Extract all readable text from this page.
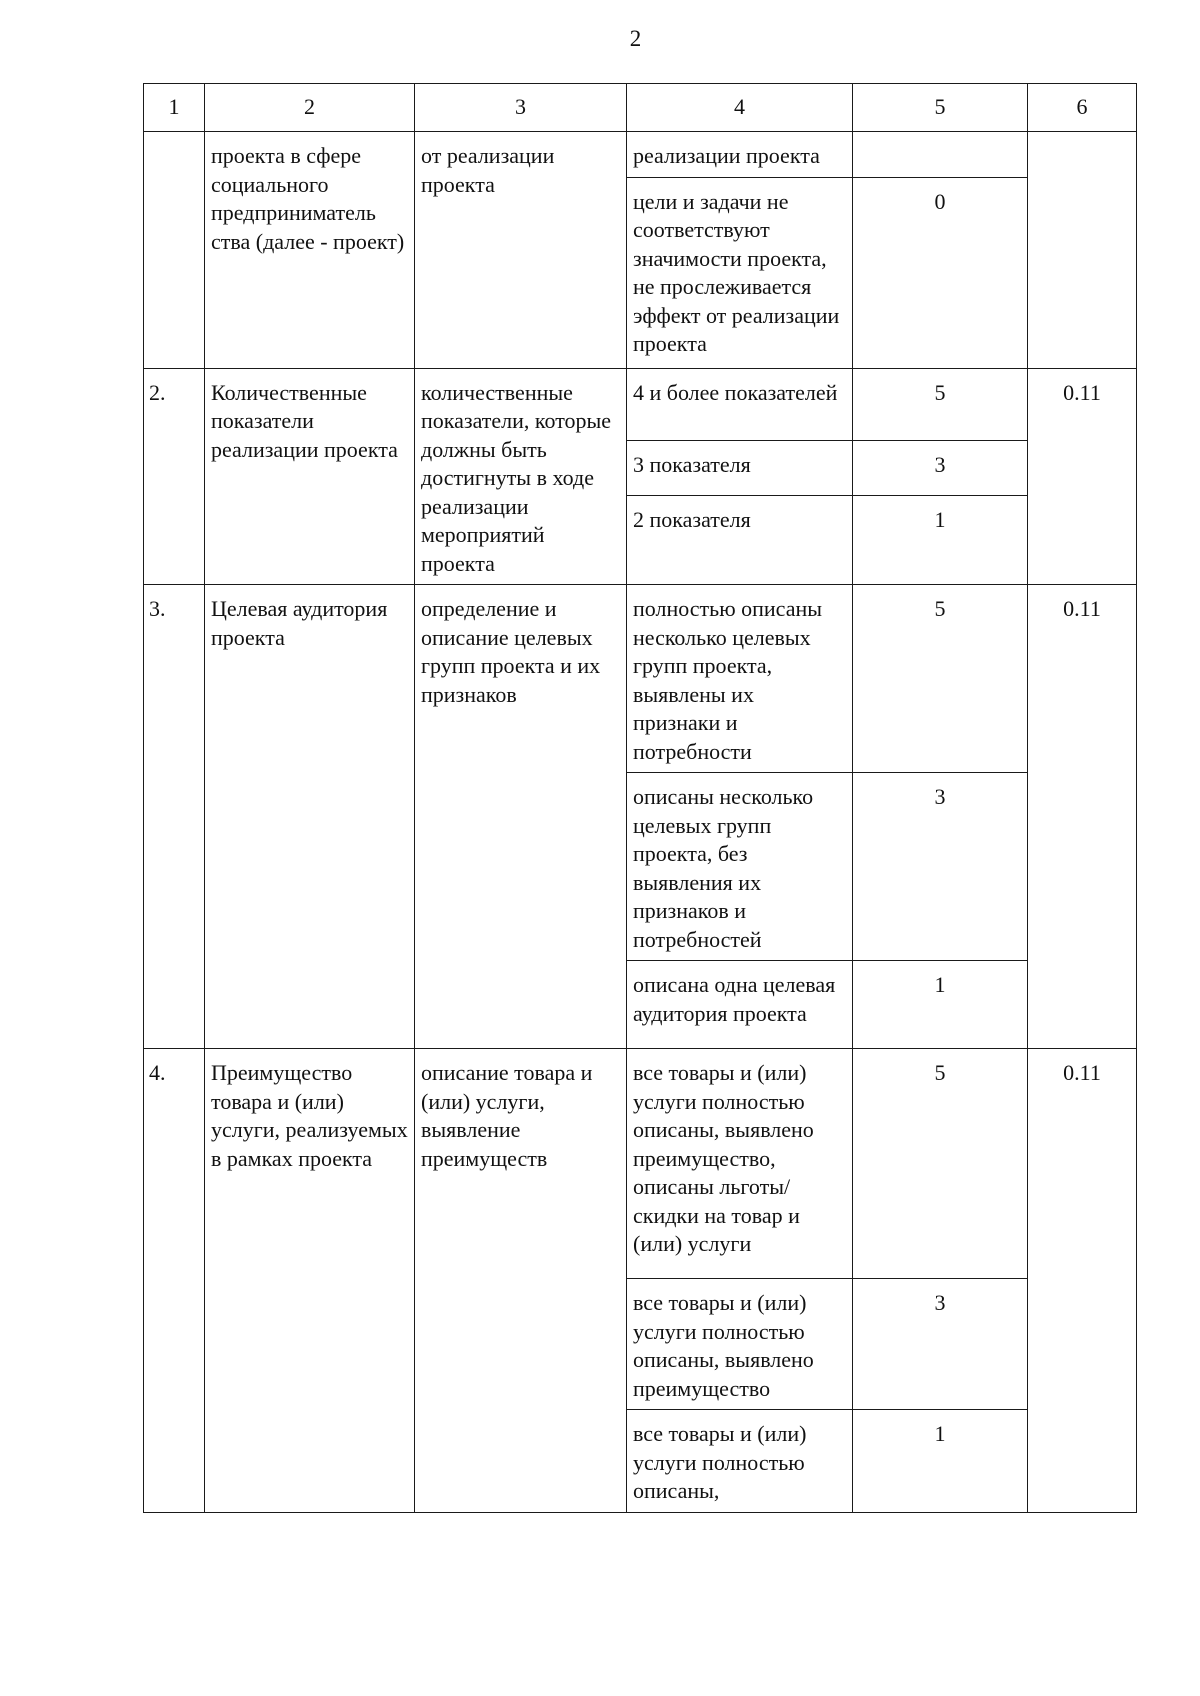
2
1	2	3	4	5	6
	проекта в сфере социального предприниматель ства (далее - проект)	от реализации проекта	реализации проекта		
			цели и задачи не соответствуют значимости проекта, не прослеживается эффект от реализации проекта	0	
2.	Количественные показатели реализации проекта	количественные показатели, которые должны быть достигнуты в ходе реализации мероприятий проекта	4 и более показателей	5	0.11
			3 показателя	3	
			2 показателя	1	
3.	Целевая аудитория проекта	определение и описание целевых групп проекта и их признаков	полностью описаны несколько целевых групп проекта, выявлены их признаки и потребности	5	0.11
			описаны несколько целевых групп проекта, без выявления их признаков и потребностей	3	
			описана одна целевая аудитория проекта	1	
4.	Преимущество товара и (или) услуги, реализуемых в рамках проекта	описание товара и (или) услуги, выявление преимуществ	все товары и (или) услуги полностью описаны, выявлено преимущество, описаны льготы/скидки на товар и (или) услуги	5	0.11
			все товары и (или) услуги полностью описаны, выявлено преимущество	3	
			все товары и (или) услуги полностью описаны,	1	
